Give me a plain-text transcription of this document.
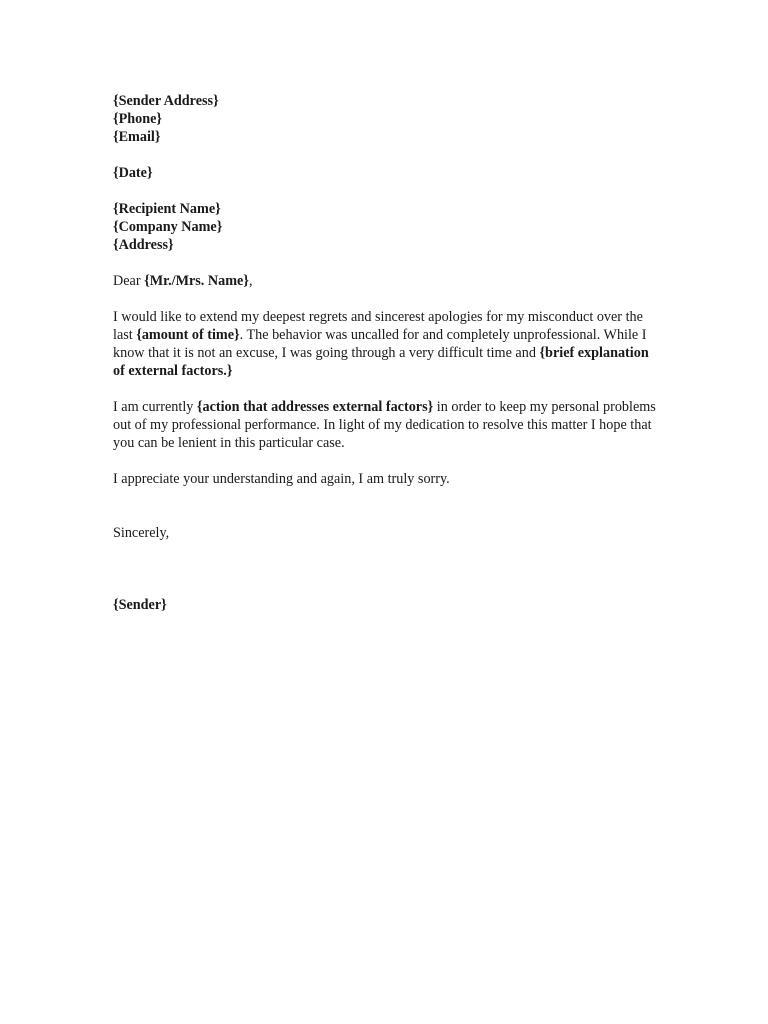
{Sender Address}
{Phone}
{Email}
{Date}
{Recipient Name}
{Company Name}
{Address}
Dear {Mr./Mrs. Name},

I would like to extend my deepest regrets and sincerest apologies for my misconduct over the last {amount of time}. The behavior was uncalled for and completely unprofessional. While I know that it is not an excuse, I was going through a very difficult time and {brief explanation of external factors.}

I am currently {action that addresses external factors} in order to keep my personal problems out of my professional performance. In light of my dedication to resolve this matter I hope that you can be lenient in this particular case.

I appreciate your understanding and again, I am truly sorry.

Sincerely,
{Sender}
